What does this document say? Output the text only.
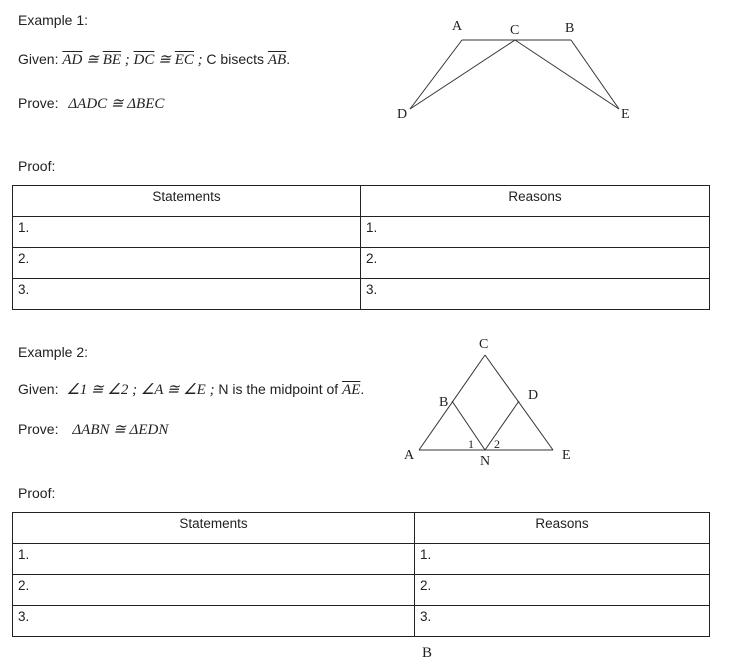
Example 1:
Given: $\overline{AD}$ ≅ $\overline{BE}$ ; $\overline{DC}$ ≅ $\overline{EC}$ ; C bisects $\overline{AB}$.
Prove: ΔADC ≅ ΔBEC
Proof:
A	C	B
D	E
Statements	Reasons
1.	1.
2.	2.
3.	3.
Example 2:
Given: ∠1 ≅ ∠2 ; ∠A ≅ ∠E ; N is the midpoint of $\overline{AE}$.
Prove: ΔABN ≅ ΔEDN
Proof:
C
B	D
A	E
N
1 2
Statements	Reasons
1.	1.
2.	2.
3.	3.
B
